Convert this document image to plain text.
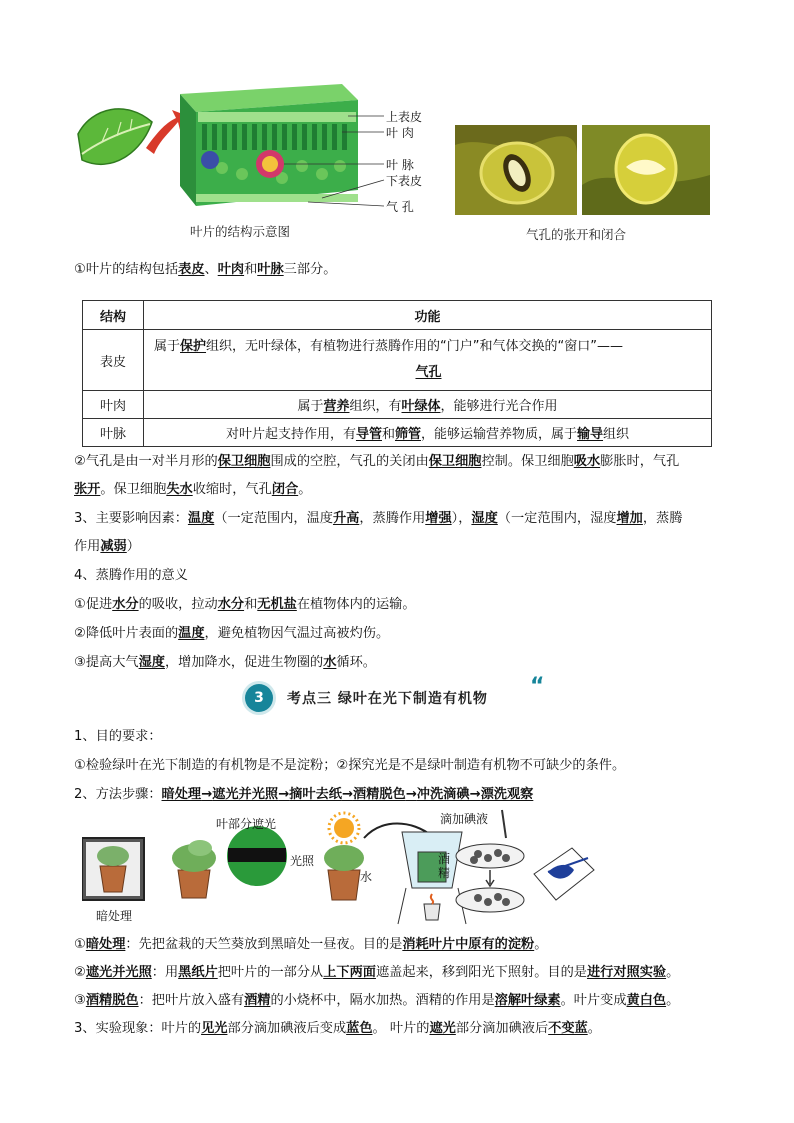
上表皮
叶 肉
叶 脉
下表皮
气 孔
叶片的结构示意图	气孔的张开和闭合
①叶片的结构包括表皮、叶肉和叶脉三部分。
结构	功能
表皮	属于保护组织，无叶绿体，有植物进行蒸腾作用的“门户”和气体交换的“窗口”——

气孔

叶肉	属于营养组织，有叶绿体，能够进行光合作用
叶脉	对叶片起支持作用，有导管和筛管，能够运输营养物质，属于输导组织
②气孔是由一对半月形的保卫细胞围成的空腔，气孔的关闭由保卫细胞控制。保卫细胞吸水膨胀时，气孔
张开。保卫细胞失水收缩时，气孔闭合。
3、主要影响因素：温度（一定范围内，温度升高，蒸腾作用增强），湿度（一定范围内，湿度增加，蒸腾
作用减弱）
4、蒸腾作用的意义
①促进水分的吸收，拉动水分和无机盐在植物体内的运输。
②降低叶片表面的温度，避免植物因气温过高被灼伤。
③提高大气湿度，增加降水，促进生物圈的水循环。
3	考点三 绿叶在光下制造有机物 “
1、目的要求：
①检验绿叶在光下制造的有机物是不是淀粉；②探究光是不是绿叶制造有机物不可缺少的条件。
2、方法步骤：暗处理→遮光并光照→摘叶去纸→酒精脱色→冲洗滴碘→漂洗观察
叶部分遮光	滴加碘液
光照
水
酒
精
暗处理
①暗处理：先把盆栽的天竺葵放到黑暗处一昼夜。目的是消耗叶片中原有的淀粉。
②遮光并光照：用黑纸片把叶片的一部分从上下两面遮盖起来，移到阳光下照射。目的是进行对照实验。
③酒精脱色：把叶片放入盛有酒精的小烧杯中，隔水加热。酒精的作用是溶解叶绿素。叶片变成黄白色。
3、实验现象：叶片的见光部分滴加碘液后变成蓝色。 叶片的遮光部分滴加碘液后不变蓝。
